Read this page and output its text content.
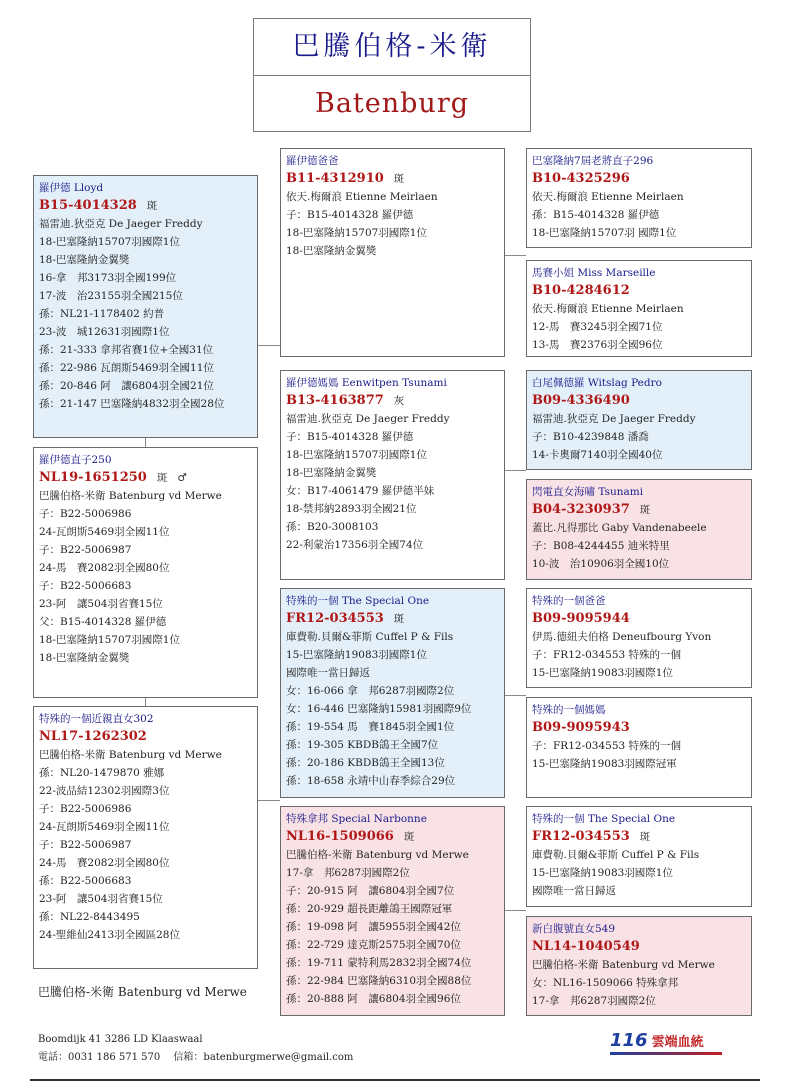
巴騰伯格-米衛
Batenburg
羅伊德 Lloyd
B15-4014328 斑
福雷迪.狄亞克 De Jaeger Freddy
18-巴塞隆納15707羽國際1位
18-巴塞隆納金翼獎
16-拿　邦3173羽全國199位
17-波　治23155羽全國215位
孫：NL21-1178402 約普
23-波　城12631羽國際1位
孫：21-333 拿邦省賽1位+全國31位
孫：22-986 瓦朗斯5469羽全國11位
孫：20-846 阿　讓6804羽全國21位
孫：21-147 巴塞隆納4832羽全國28位
羅伊德直子250
NL19-1651250 斑 ♂
巴騰伯格-米衛 Batenburg vd Merwe
子：B22-5006986
24-瓦朗斯5469羽全國11位
子：B22-5006987
24-馬　賽2082羽全國80位
子：B22-5006683
23-阿　讓504羽省賽15位
父：B15-4014328 羅伊德
18-巴塞隆納15707羽國際1位
18-巴塞隆納金翼獎
特殊的一個近親直女302
NL17-1262302
巴騰伯格-米衛 Batenburg vd Merwe
孫：NL20-1479870 雅娜
22-波品結12302羽國際3位
子：B22-5006986
24-瓦朗斯5469羽全國11位
子：B22-5006987
24-馬　賽2082羽全國80位
孫：B22-5006683
23-阿　讓504羽省賽15位
孫：NL22-8443495
24-聖維仙2413羽全國區28位
羅伊德爸爸
B11-4312910 斑
依天.梅爾浪 Etienne Meirlaen
子：B15-4014328 羅伊德
18-巴塞隆納15707羽國際1位
18-巴塞隆納金翼獎
羅伊德媽媽 Eenwitpen Tsunami
B13-4163877 灰
福雷迪.狄亞克 De Jaeger Freddy
子：B15-4014328 羅伊德
18-巴塞隆納15707羽國際1位
18-巴塞隆納金翼獎
女：B17-4061479 羅伊德半妹
18-禁邦納2893羽全國21位
孫：B20-3008103
22-利蒙治17356羽全國74位
特殊的一個 The Special One
FR12-034553 斑
庫費勒.貝爾&菲斯 Cuffel P & Fils
15-巴塞隆納19083羽國際1位
國際唯一當日歸返
女：16-066 拿　邦6287羽國際2位
女：16-446 巴塞隆納15981羽國際9位
孫：19-554 馬　賽1845羽全國1位
孫：19-305 KBDB鴿王全國7位
孫：20-186 KBDB鴿王全國13位
孫：18-658 永靖中山春季綜合29位
特殊拿邦 Special Narbonne
NL16-1509066 斑
巴騰伯格-米衛 Batenburg vd Merwe
17-拿　邦6287羽國際2位
子：20-915 阿　讓6804羽全國7位
孫：20-929 超長距離鴿王國際冠軍
孫：19-098 阿　讓5955羽全國42位
孫：22-729 達克斯2575羽全國70位
孫：19-711 蒙特利馬2832羽全國74位
孫：22-984 巴塞隆納6310羽全國88位
孫：20-888 阿　讓6804羽全國96位
巴塞隆納7屆老將直子296
B10-4325296
依天.梅爾浪 Etienne Meirlaen
孫：B15-4014328 羅伊德
18-巴塞隆納15707羽 國際1位
馬賽小姐 Miss Marseille
B10-4284612
依天.梅爾浪 Etienne Meirlaen
12-馬　賽3245羽全國71位
13-馬　賽2376羽全國96位
白尾佩德羅 Witslag Pedro
B09-4336490
福雷迪.狄亞克 De Jaeger Freddy
子：B10-4239848 潘喬
14-卡奧爾7140羽全國40位
閃電直女海嘯 Tsunami
B04-3230937 斑
蓋比.凡得那比 Gaby Vandenabeele
子：B08-4244455 迪米特里
10-波　治10906羽全國10位
特殊的一個爸爸
B09-9095944
伊馬.德紐夫伯格 Deneufbourg Yvon
子：FR12-034553 特殊的一個
15-巴塞隆納19083羽國際1位
特殊的一個媽媽
B09-9095943
子：FR12-034553 特殊的一個
15-巴塞隆納19083羽國際冠軍
特殊的一個 The Special One
FR12-034553 斑
庫費勒.貝爾&菲斯 Cuffel P & Fils
15-巴塞隆納19083羽國際1位
國際唯一當日歸返
新白腹號直女549
NL14-1040549
巴騰伯格-米衛 Batenburg vd Merwe
女：NL16-1509066 特殊拿邦
17-拿　邦6287羽國際2位
巴騰伯格-米衛 Batenburg vd Merwe
Boomdijk 41 3286 LD Klaaswaal
電話：0031 186 571 570　 信箱：batenburgmerwe@gmail.com
116 雲端血統
